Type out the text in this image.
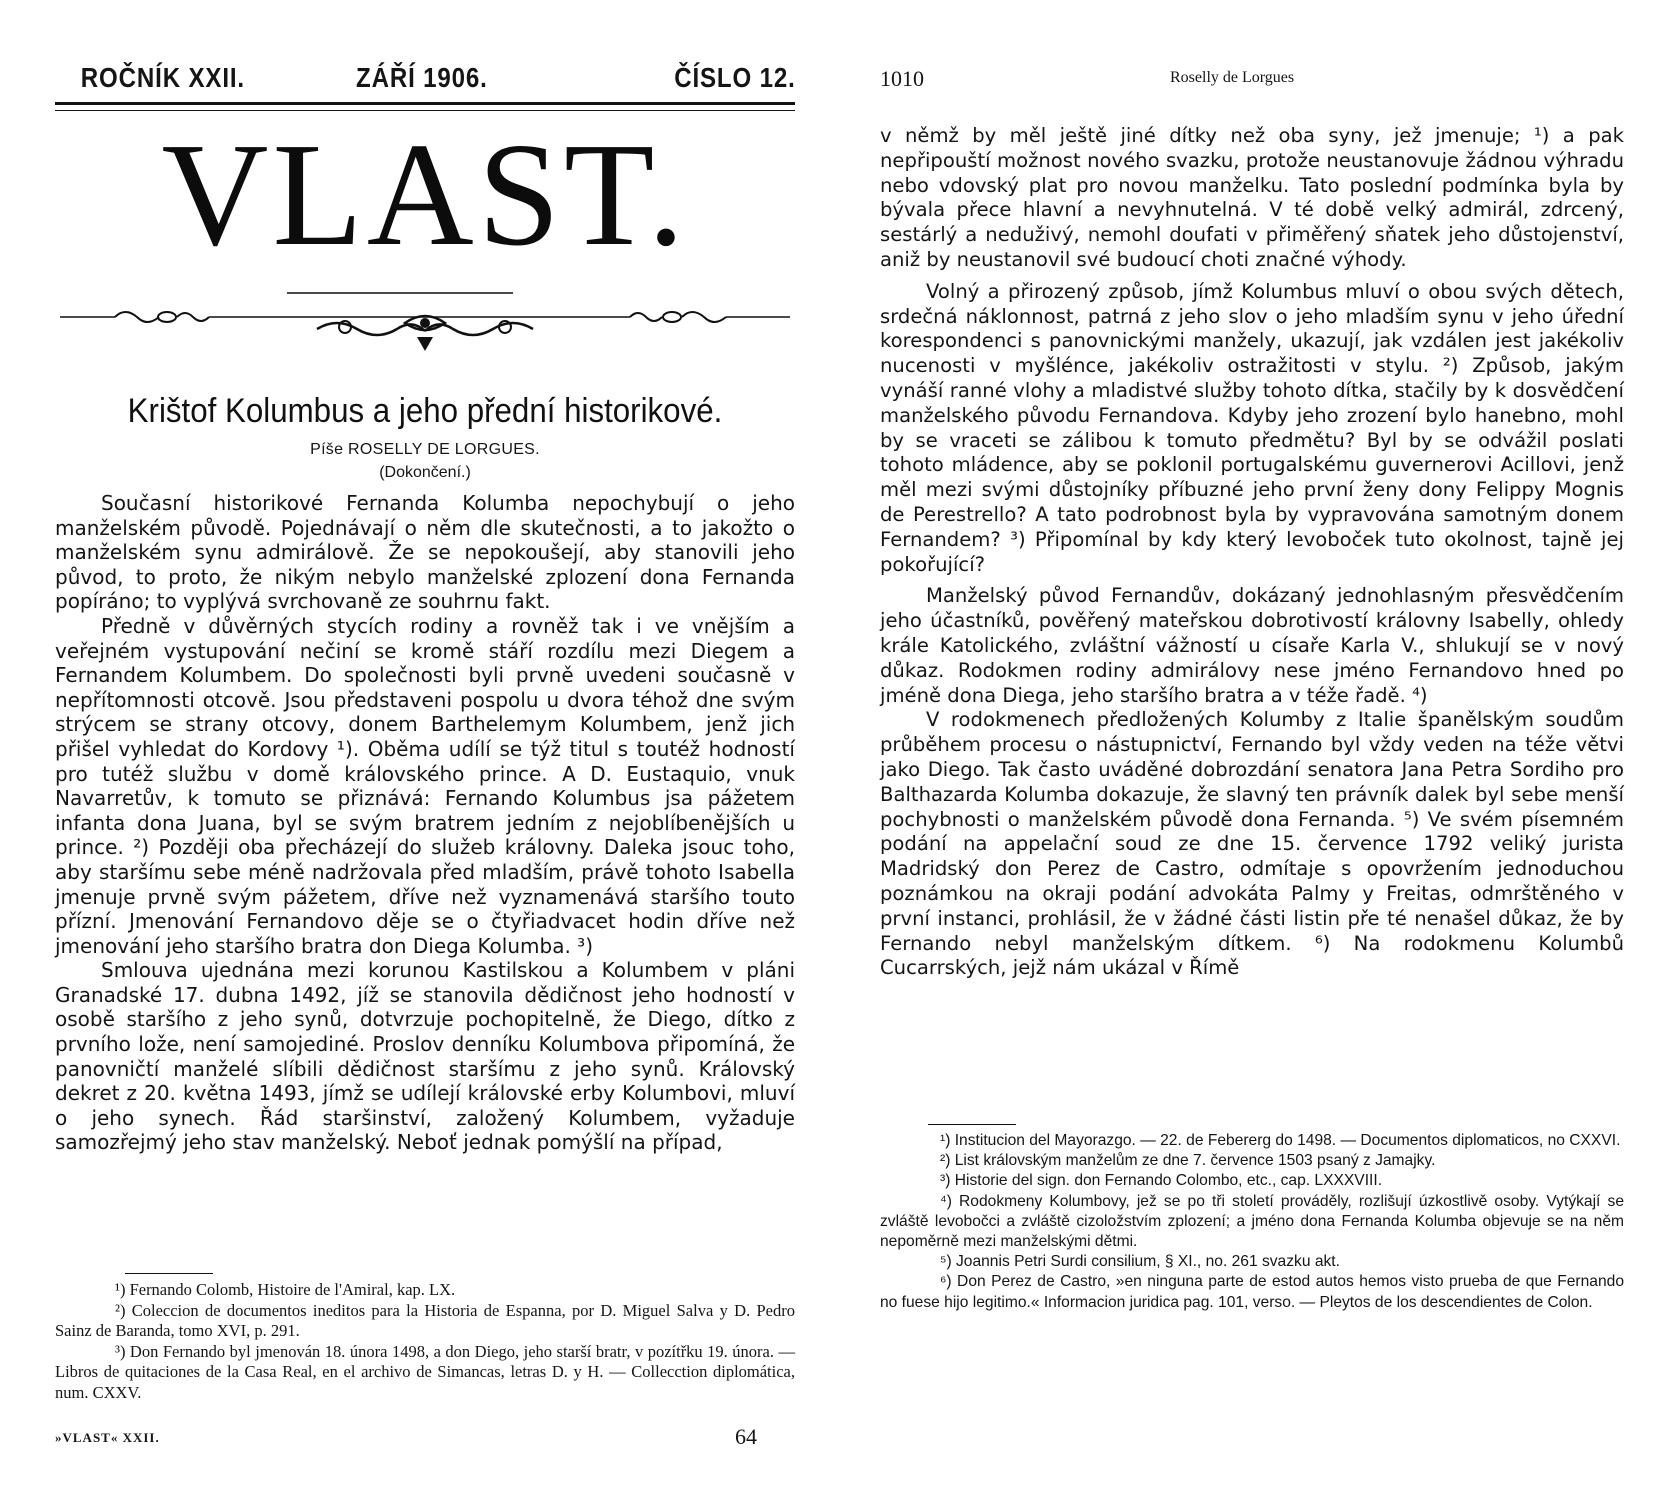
ROČNÍK XXII.	ZÁŘÍ 1906.	ČÍSLO 12.
VLAST.
Krištof Kolumbus a jeho přední historikové.
Píše ROSELLY DE LORGUES.
(Dokončení.)

Současní historikové Fernanda Kolumba nepochybují o jeho manželském původě. Pojednávají o něm dle skutečnosti, a to jakožto o manželském synu admirálově. Že se nepokoušejí, aby stanovili jeho původ, to proto, že nikým nebylo manželské zplození dona Fernanda popíráno; to vyplývá svrchovaně ze souhrnu fakt.

Předně v důvěrných stycích rodiny a rovněž tak i ve vnějším a veřejném vystupování nečiní se kromě stáří rozdílu mezi Diegem a Fernandem Kolumbem. Do společnosti byli prvně uvedeni současně v nepřítomnosti otcově. Jsou představeni pospolu u dvora téhož dne svým strýcem se strany otcovy, donem Barthelemym Kolumbem, jenž jich přišel vyhledat do Kordovy ¹). Oběma udílí se týž titul s toutéž hodností pro tutéž službu v domě královského prince. A D. Eustaquio, vnuk Navarretův, k tomuto se přiznává: Fernando Kolumbus jsa pážetem infanta dona Juana, byl se svým bratrem jedním z nejoblíbenějších u prince. ²) Později oba přecházejí do služeb královny. Daleka jsouc toho, aby staršímu sebe méně nadržovala před mladším, právě tohoto Isabella jmenuje prvně svým pážetem, dříve než vyznamenává staršího touto přízní. Jmenování Fernandovo děje se o čtyřiadvacet hodin dříve než jmenování jeho staršího bratra don Diega Kolumba. ³)

Smlouva ujednána mezi korunou Kastilskou a Kolumbem v pláni Granadské 17. dubna 1492, jíž se stanovila dědičnost jeho hodností v osobě staršího z jeho synů, dotvrzuje pochopitelně, že Diego, dítko z prvního lože, není samojediné. Proslov denníku Kolumbova připomíná, že panovničtí manželé slíbili dědičnost staršímu z jeho synů. Královský dekret z 20. května 1493, jímž se udílejí královské erby Kolumbovi, mluví o jeho synech. Řád staršinství, založený Kolumbem, vyžaduje samozřejmý jeho stav manželský. Neboť jednak pomýšlí na případ,

¹) Fernando Colomb, Histoire de l'Amiral, kap. LX.

²) Coleccion de documentos ineditos para la Historia de Espanna, por D. Miguel Salva y D. Pedro Sainz de Baranda, tomo XVI, p. 291.

³) Don Fernando byl jmenován 18. února 1498, a don Diego, jeho starší bratr, v pozítřku 19. února. — Libros de quitaciones de la Casa Real, en el archivo de Simancas, letras D. y H. — Collecction diplomática, num. CXXV.

»VLAST« XXII.	64
1010	Roselly de Lorgues

v němž by měl ještě jiné dítky než oba syny, jež jmenuje; ¹) a pak nepřipouští možnost nového svazku, protože neustanovuje žádnou výhradu nebo vdovský plat pro novou manželku. Tato poslední podmínka byla by bývala přece hlavní a nevyhnutelná. V té době velký admirál, zdrcený, sestárlý a neduživý, nemohl doufati v přiměřený sňatek jeho důstojenství, aniž by neustanovil své budoucí choti značné výhody.

Volný a přirozený způsob, jímž Kolumbus mluví o obou svých dětech, srdečná náklonnost, patrná z jeho slov o jeho mladším synu v jeho úřední korespondenci s panovnickými manžely, ukazují, jak vzdálen jest jakékoliv nucenosti v myšlénce, jakékoliv ostražitosti v stylu. ²) Způsob, jakým vynáší ranné vlohy a mladistvé služby tohoto dítka, stačily by k dosvědčení manželského původu Fernandova. Kdyby jeho zrození bylo hanebno, mohl by se vraceti se zálibou k tomuto předmětu? Byl by se odvážil poslati tohoto mládence, aby se poklonil portugalskému guvernerovi Acillovi, jenž měl mezi svými důstojníky příbuzné jeho první ženy dony Felippy Mognis de Perestrello? A tato podrobnost byla by vypravována samotným donem Fernandem? ³) Připomínal by kdy který levoboček tuto okolnost, tajně jej pokořující?

Manželský původ Fernandův, dokázaný jednohlasným přesvědčením jeho účastníků, pověřený mateřskou dobrotivostí královny Isabelly, ohledy krále Katolického, zvláštní vážností u císaře Karla V., shlukují se v nový důkaz. Rodokmen rodiny admirálovy nese jméno Fernandovo hned po jméně dona Diega, jeho staršího bratra a v téže řadě. ⁴)

V rodokmenech předložených Kolumby z Italie španělským soudům průběhem procesu o nástupnictví, Fernando byl vždy veden na téže větvi jako Diego. Tak často uváděné dobrozdání senatora Jana Petra Sordiho pro Balthazarda Kolumba dokazuje, že slavný ten právník dalek byl sebe menší pochybnosti o manželském původě dona Fernanda. ⁵) Ve svém písemném podání na appelační soud ze dne 15. července 1792 veliký jurista Madridský don Perez de Castro, odmítaje s opovržením jednoduchou poznámkou na okraji podání advokáta Palmy y Freitas, odmrštěného v první instanci, prohlásil, že v žádné části listin pře té nenašel důkaz, že by Fernando nebyl manželským dítkem. ⁶) Na rodokmenu Kolumbů Cucarrských, jejž nám ukázal v Římě

¹) Institucion del Mayorazgo. — 22. de Febererg do 1498. — Documentos diplomaticos, no CXXVI.

²) List královským manželům ze dne 7. července 1503 psaný z Jamajky.

³) Historie del sign. don Fernando Colombo, etc., cap. LXXXVIII.

⁴) Rodokmeny Kolumbovy, jež se po tři století prováděly, rozlišují úzkostlivě osoby. Vytýkají se zvláště levobočci a zvláště cizoložstvím zplození; a jméno dona Fernanda Kolumba objevuje se na něm nepoměrně mezi manželskými dětmi.

⁵) Joannis Petri Surdi consilium, § XI., no. 261 svazku akt.

⁶) Don Perez de Castro, »en ninguna parte de estod autos hemos visto prueba de que Fernando no fuese hijo legitimo.« Informacion juridica pag. 101, verso. — Pleytos de los descendientes de Colon.
